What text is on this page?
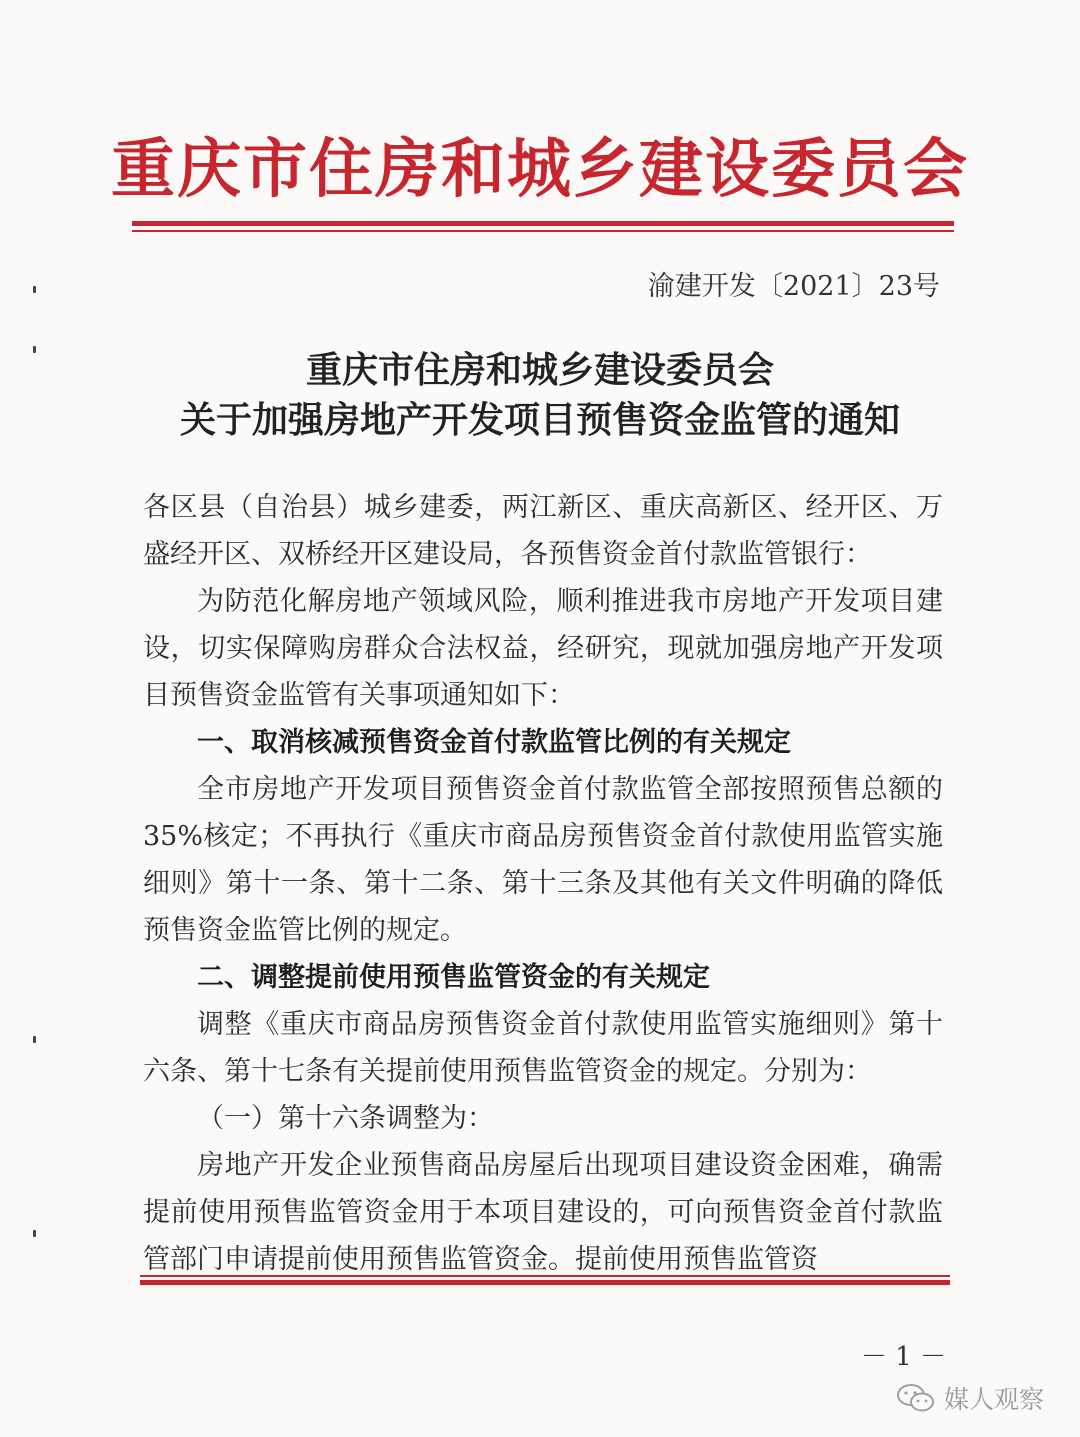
重庆市住房和城乡建设委员会
渝建开发〔2021〕23号
重庆市住房和城乡建设委员会
关于加强房地产开发项目预售资金监管的通知

各区县（自治县）城乡建委，两江新区、重庆高新区、经开区、万盛经开区、双桥经开区建设局，各预售资金首付款监管银行：

为防范化解房地产领域风险，顺利推进我市房地产开发项目建设，切实保障购房群众合法权益，经研究，现就加强房地产开发项目预售资金监管有关事项通知如下：

一、取消核减预售资金首付款监管比例的有关规定

全市房地产开发项目预售资金首付款监管全部按照预售总额的35%核定；不再执行《重庆市商品房预售资金首付款使用监管实施细则》第十一条、第十二条、第十三条及其他有关文件明确的降低预售资金监管比例的规定。

二、调整提前使用预售监管资金的有关规定

调整《重庆市商品房预售资金首付款使用监管实施细则》第十六条、第十七条有关提前使用预售监管资金的规定。分别为：

（一）第十六条调整为：

房地产开发企业预售商品房屋后出现项目建设资金困难，确需提前使用预售监管资金用于本项目建设的，可向预售资金首付款监管部门申请提前使用预售监管资金。提前使用预售监管资

－ 1 －
媒人观察
